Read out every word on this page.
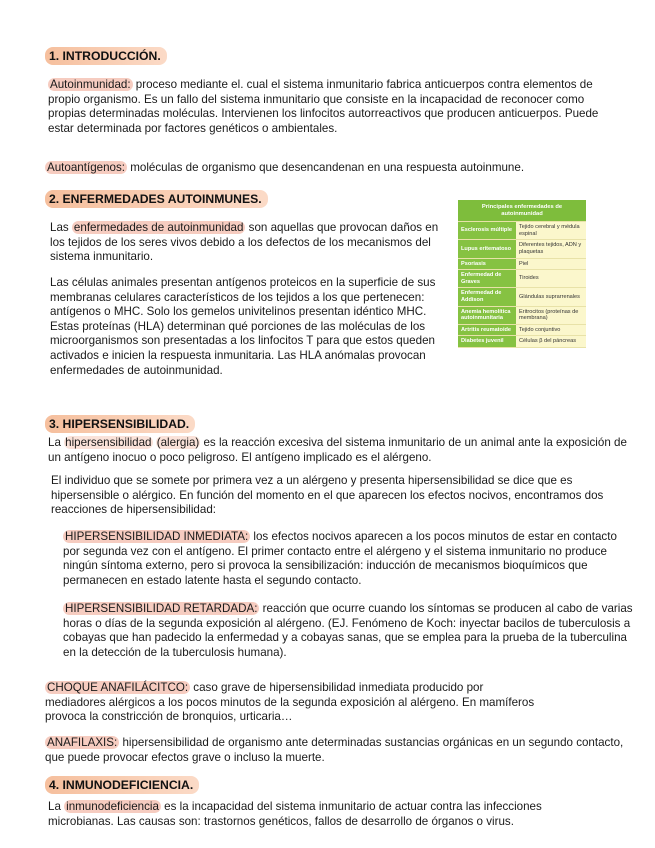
1. INTRODUCCIÓN.

Autoinmunidad: proceso mediante el. cual el sistema inmunitario fabrica anticuerpos contra elementos de propio organismo. Es un fallo del sistema inmunitario que consiste en la incapacidad de reconocer como propias determinadas moléculas. Intervienen los linfocitos autorreactivos que producen anticuerpos. Puede estar determinada por factores genéticos o ambientales.

Autoantígenos: moléculas de organismo que desencandenan en una respuesta autoinmune.

2. ENFERMEDADES AUTOINMUNES.

Las enfermedades de autoinmunidad son aquellas que provocan daños en los tejidos de los seres vivos debido a los defectos de los mecanismos del sistema inmunitario.

Las células animales presentan antígenos proteicos en la superficie de sus membranas celulares característicos de los tejidos a los que pertenecen: antígenos o MHC. Solo los gemelos univitelinos presentan idéntico MHC. Estas proteínas (HLA) determinan qué porciones de las moléculas de los microorganismos son presentadas a los linfocitos T para que estos queden activados e inicien la respuesta inmunitaria. Las HLA anómalas provocan enfermedades de autoinmunidad.

Principales enfermedades de autoinmunidad	
Esclerosis múltiple	Tejido cerebral y médula espinal
Lupus eritematoso	Diferentes tejidos, ADN y plaquetas
Psoriasis	Piel
Enfermedad de Graves	Tiroides
Enfermedad de Addison	Glándulas suprarrenales
Anemia hemolítica autoinmunitaria	Eritrocitos (proteínas de membrana)
Artritis reumatoide	Tejido conjuntivo
Diabetes juvenil	Células β del páncreas
3. HIPERSENSIBILIDAD.

La hipersensibilidad (alergia) es la reacción excesiva del sistema inmunitario de un animal ante la exposición de un antígeno inocuo o poco peligroso. El antígeno implicado es el alérgeno.

El individuo que se somete por primera vez a un alérgeno y presenta hipersensibilidad se dice que es hipersensible o alérgico. En función del momento en el que aparecen los efectos nocivos, encontramos dos reacciones de hipersensibilidad:

HIPERSENSIBILIDAD INMEDIATA: los efectos nocivos aparecen a los pocos minutos de estar en contacto por segunda vez con el antígeno. El primer contacto entre el alérgeno y el sistema inmunitario no produce ningún síntoma externo, pero si provoca la sensibilización: inducción de mecanismos bioquímicos que permanecen en estado latente hasta el segundo contacto.

HIPERSENSIBILIDAD RETARDADA: reacción que ocurre cuando los síntomas se producen al cabo de varias horas o días de la segunda exposición al alérgeno. (EJ. Fenómeno de Koch: inyectar bacilos de tuberculosis a cobayas que han padecido la enfermedad y a cobayas sanas, que se emplea para la prueba de la tuberculina en la detección de la tuberculosis humana).

CHOQUE ANAFILÁCITCO: caso grave de hipersensibilidad inmediata producido por mediadores alérgicos a los pocos minutos de la segunda exposición al alérgeno. En mamíferos provoca la constricción de bronquios, urticaria…

ANAFILAXIS: hipersensibilidad de organismo ante determinadas sustancias orgánicas en un segundo contacto, que puede provocar efectos grave o incluso la muerte.

4. INMUNODEFICIENCIA.

La inmunodeficiencia es la incapacidad del sistema inmunitario de actuar contra las infecciones microbianas. Las causas son: trastornos genéticos, fallos de desarrollo de órganos o virus.
